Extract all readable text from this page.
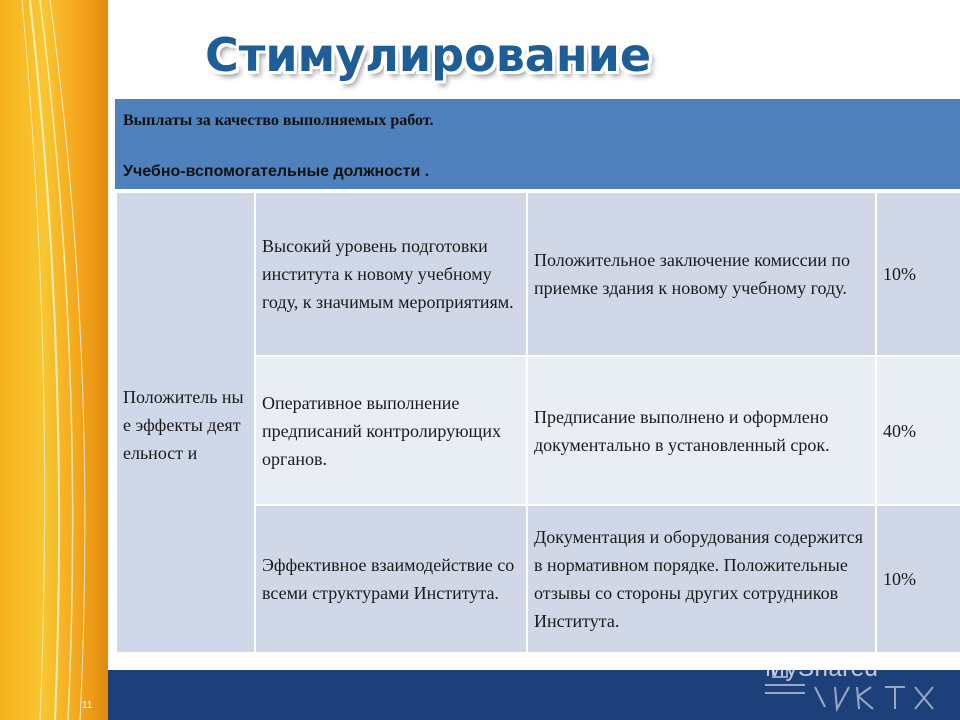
11
MyShared
Стимулирование
Выплаты за качество выполняемых работ.
Учебно-вспомогательные должности .
Положитель ные эффекты деятельност и
Высокий уровень подготовки института к новому учебному году, к значимым мероприятиям.
Положительное заключение комиссии по приемке здания к новому учебному году.
10%
Оперативное выполнение предписаний контролирующих органов.
Предписание выполнено и оформлено документально в установленный срок.
40%
Эффективное взаимодействие со всеми структурами Института.
Документация и оборудования содержится в нормативном порядке. Положительные отзывы со стороны других сотрудников Института.
10%
